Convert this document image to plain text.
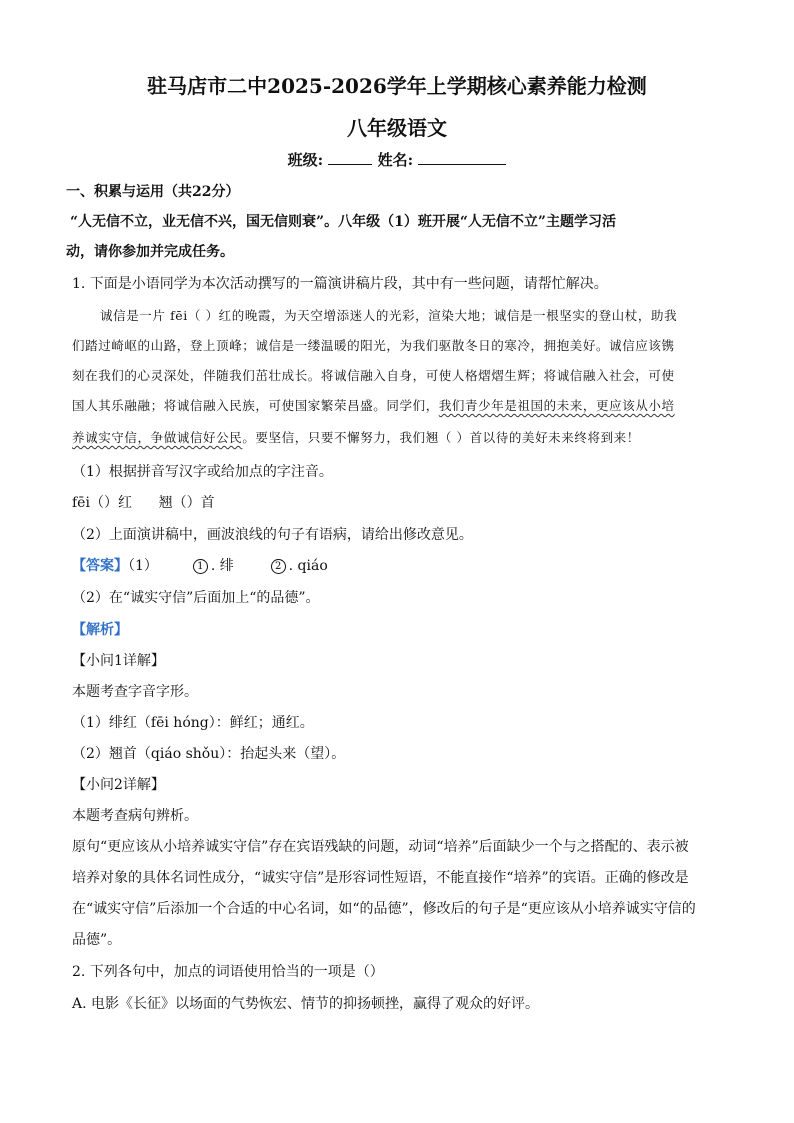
驻马店市二中2025-2026学年上学期核心素养能力检测
八年级语文
班级:	姓名:
一、积累与运用（共22分）
“人无信不立，业无信不兴，国无信则衰”。八年级（1）班开展“人无信不立”主题学习活
动，请你参加并完成任务。
1. 下面是小语同学为本次活动撰写的一篇演讲稿片段，其中有一些问题，请帮忙解决。
诚信是一片 fēi（ ）红的晚霞，为天空增添迷人的光彩，渲染大地；诚信是一根坚实的登山杖，助我
们踏过崎岖的山路，登上顶峰；诚信是一缕温暖的阳光，为我们驱散冬日的寒冷，拥抱美好。诚信应该镌
刻在我们的心灵深处，伴随我们茁壮成长。将诚信融入自身，可使人格熠熠生辉；将诚信融入社会，可使
国人其乐融融；将诚信融入民族，可使国家繁荣昌盛。同学们，我们青少年是祖国的未来，更应该从小培
养诚实守信，争做诚信好公民。要坚信，只要不懈努力，我们翘（ ）首以待的美好未来终将到来！
（1）根据拼音写汉字或给加点的字注音。
fēi（）红      翘（）首
（2）上面演讲稿中，画波浪线的句子有语病，请给出修改意见。
【答案】（1）	1 . 绯	2 . qiáo
（2）在“诚实守信”后面加上“的品德”。
【解析】
【小问1详解】
本题考查字音字形。
（1）绯红（fēi hóng）：鲜红；通红。
（2）翘首（qiáo shǒu）：抬起头来（望）。
【小问2详解】
本题考查病句辨析。
原句“更应该从小培养诚实守信”存在宾语残缺的问题，动词“培养”后面缺少一个与之搭配的、表示被
培养对象的具体名词性成分，“诚实守信”是形容词性短语，不能直接作“培养”的宾语。正确的修改是
在“诚实守信”后添加一个合适的中心名词，如“的品德”，修改后的句子是“更应该从小培养诚实守信的
品德”。
2. 下列各句中，加点的词语使用恰当的一项是（）
A. 电影《长征》以场面的气势恢宏、情节的抑扬顿挫，赢得了观众的好评。
